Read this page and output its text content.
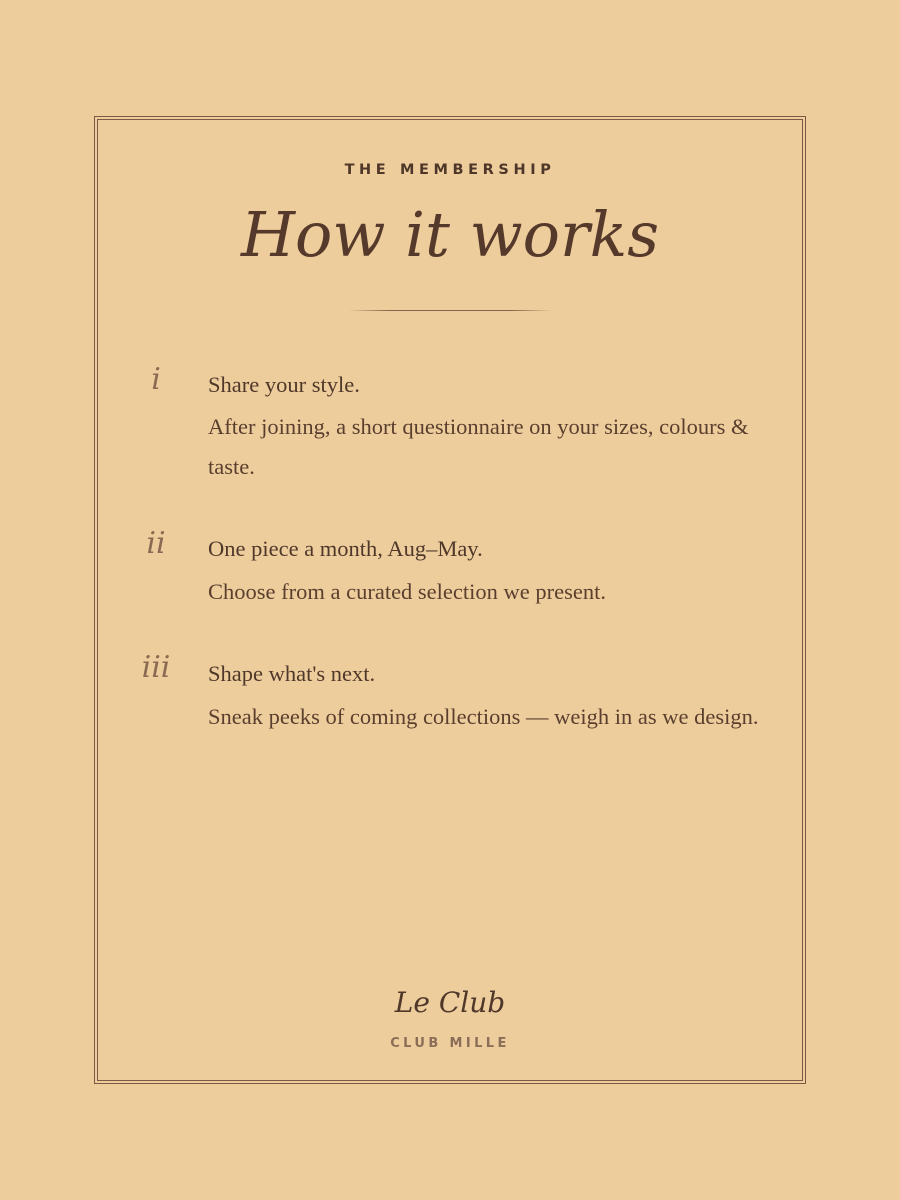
THE MEMBERSHIP
How it works
i	Share your style.
After joining, a short questionnaire on your sizes, colours & taste.
ii	One piece a month, Aug–May.
Choose from a curated selection we present.
iii	Shape what's next.
Sneak peeks of coming collections — weigh in as we design.
Le Club
CLUB MILLE
